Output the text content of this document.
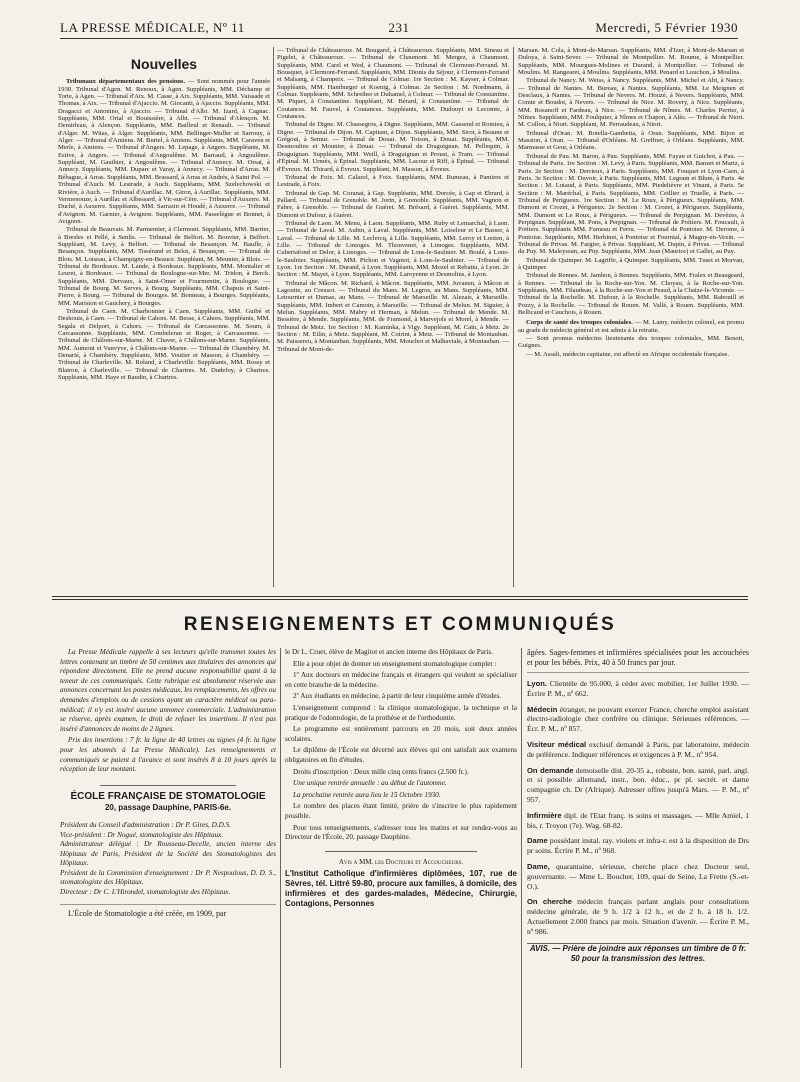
LA PRESSE MÉDICALE, Nº 11	231	Mercredi, 5 Février 1930
Nouvelles

Tribunaux départementaux des pensions. — Sont nommés pour l'année 1930. Tribunal d'Agen. M. Renoux, à Agen. Suppléants, MM. Déchamp et Torte, à Agen. — Tribunal d'Aix. M. Casse, à Aix. Suppléants, MM. Vaissade et Thomas, à Aix. — Tribunal d'Ajaccio. M. Giocanti, à Ajaccio. Suppléants, MM. Dragacci et Antonino, à Ajaccio. — Tribunal d'Albi. M. Izard, à Cagnac. Suppléants, MM. Ortal et Bouissière, à Albi. — Tribunal d'Alençon. M. Demirleau, à Alençon. Suppléants, MM. Bailleul et Renault. — Tribunal d'Alger. M. Witas, à Alger. Suppléants, MM. Bellinger-Muller et Sarrouy, à Alger. — Tribunal d'Amiens. M. Burtel, à Amiens. Suppléants, MM. Caraven et Merle, à Amiens. — Tribunal d'Angers. M. Lepage, à Angers. Suppléants, M. Estive, à Angers. — Tribunal d'Angoulême. M. Barraud, à Angoulême. Suppléant, M. Gauthier, à Angoulême. — Tribunal d'Annecy. M. Orsat, à Annecy. Suppléants, MM. Duparc et Varay, à Annecy. — Tribunal d'Arras. M. Béhague, à Arras. Suppléants, MM. Brassard, à Arras et Andrés, à Saint Pol. — Tribunal d'Auch. M. Lestrade, à Auch. Suppléants, MM. Szelechowski et Rivière, à Auch. — Tribunal d'Aurillac. M. Giron, à Aurillac. Suppléants, MM. Vermenouze, à Aurillac et Albessard, à Vic-sur-Cère. — Tribunal d'Auxerre. M. Duché, à Auxerre. Suppléants, MM. Sarrazin et Houdé, à Auxerre. — Tribunal d'Avignon. M. Garnier, à Avignon. Suppléants, MM. Passelègue et Bonnet, à Avignon.

Tribunal de Beauvais. M. Parmentier, à Clermont. Suppléants, MM. Barrier, à Bresles et Pellé, à Senlis. — Tribunal de Belfort. M. Bouvier, à Belfort. Suppléant, M. Levy, à Belfort. — Tribunal de Besançon. M. Baufle, à Besançon. Suppléants, MM. Tissérand et Belot, à Besançon. — Tribunal de Blois. M. Loiseau, à Champigny-en-Beauce. Suppléant, M. Meunier, à Blois. — Tribunal de Bordeaux. M. Lande, à Bordeaux. Suppléants, MM. Montalier et Leuret, à Bordeaux. — Tribunal de Boulogne-sur-Mer. M. Tridon, à Berck. Suppléants, MM. Dervaux, à Saint-Omer et Fourmentin, à Boulogne. — Tribunal de Bourg. M. Serves, à Bourg. Suppléants, MM. Chapuis et Saint-Pierre, à Bourg. — Tribunal de Bourges. M. Bonneau, à Bourges. Suppléants, MM. Mariston et Gauchery, à Bourges.

Tribunal de Caen. M. Charbonnier à Caen. Suppléants, MM. Guibé et Deshouis, à Caen. — Tribunal de Cahors. M. Besse, à Cahors. Suppléants, MM. Segala et Delport, à Cahors. — Tribunal de Carcassonne. M. Soum, à Carcassonne. Suppléants, MM. Combeleran et Roger, à Carcassonne. — Tribunal de Châlons-sur-Marne. M. Chaver, à Châlons-sur-Marne. Suppléants, MM. Aumont et Vanvyve, à Châlons-sur-Marne. — Tribunal de Chambéry. M. Denarié, à Chambéry. Suppléants, MM. Voutier et Masson, à Chambéry. — Tribunal de Charleville. M. Roland, à Charleville. Suppléants, MM. Rossy et Blairon, à Charleville. — Tribunal de Chartres. M. Dudefoy, à Chartres. Suppléants, MM. Haye et Baudin, à Chartres.

— Tribunal de Châteauroux. M. Bougarel, à Châteauroux. Suppléants, MM. Sineau et Pigelet, à Châteauroux. — Tribunal de Chaumont. M. Mergez, à Chaumont. Suppléants, MM. Carel et Wed, à Chaumont. — Tribunal de Clermont-Ferrand. M. Bousquet, à Clermont-Ferrand. Suppléants, MM. Dionis du Séjour, à Clermont-Ferrand et Malsang, à Champeix. — Tribunal de Colmar. 1re Section : M. Kayser, à Colmar. Suppléants, MM. Hamburger et Koenig, à Colmar. 2e Section : M. Nordmann, à Colmar. Suppléants, MM. Schreiber et Duhamel, à Colmar. — Tribunal de Constantine. M. Piquet, à Constantine. Suppléant, M. Bérard, à Constantine. — Tribunal de Coutances. M. Fauvel, à Coutances. Suppléants, MM. Dudouyt et Lecomte, à Coutances.

Tribunal de Digne. M. Chassegros, à Digne. Suppléants, MM. Gassend et Romieu, à Digne. — Tribunal de Dijon. M. Capitam, à Dijon. Suppléants, MM. Sirot, à Beaune et Grégoui, à Semur. — Tribunal de Douai. M. Toison, à Douai. Suppléants, MM. Desmoulins et Mounier, à Douai. — Tribunal de Draguignan. M. Pellequin, à Draguignan. Suppléants, MM. Weill, à Draguignan et Proust, à Tram. — Tribunal d'Épinal. M. Urmès, à Épinal. Suppléants, MM. Lacour et Riff, à Épinal. — Tribunal d'Évreux. M. Thirard, à Évreux. Suppléant, M. Masson, à Évreux.

Tribunal de Foix. M. Calazel, à Foix. Suppléants, MM. Rumeau, à Pamiers et Lestrade, à Foix.

Tribunal de Gap. M. Coranat, à Gap. Suppléants, MM. Dorcée, à Gap et Ebrard, à Pallard. — Tribunal de Grenoble. M. Jorin, à Grenoble. Suppléants, MM. Vagnon et Fabre, à Grenoble. — Tribunal de Guéret. M. Brésard, à Guéret. Suppléants, MM. Dumont et Dufour, à Guéret.

Tribunal de Laon. M. Menu, à Laon. Suppléants, MM. Ruby et Lemarchal, à Laon. — Tribunal de Laval. M. Aubin, à Laval. Suppléants, MM. Loiseleur et Le Basser, à Laval. — Tribunal de Lille. M. Leclercq, à Lille. Suppléants, MM. Leroy et Looten, à Lille. — Tribunal de Limoges. M. Thouvenet, à Limoges. Suppléants, MM. Cubertafond et Delor, à Limoges. — Tribunal de Lons-le-Saulnier. M. Boulé, à Lons-le-Saulnier. Suppléants, MM. Pichon et Vagniot, à Lons-le-Saulnier. — Tribunal de Lyon. 1re Section : M. Durand, à Lyon. Suppléants, MM. Mozel et Rebattu, à Lyon. 2e Section : M. Mayet, à Lyon. Suppléants, MM. Laroyenne et Desmolins, à Lyon.

Tribunal de Mâcon. M. Richard, à Mâcon. Suppléants, MM. Juvanen, à Mâcon et Lagoutte, au Creusot. — Tribunal du Mans. M. Legros, au Mans. Suppléants, MM. Letournier et Dumas, au Mans. — Tribunal de Marseille. M. Alezais, à Marseille. Suppléants, MM. Imbert et Camoin, à Marseille. — Tribunal de Melun. M. Siguier, à Melun. Suppléants, MM. Mabry et Herman, à Melun. — Tribunal de Mende. M. Bessière, à Mende. Suppléants, MM. de Framond, à Marvejols et Morel, à Mende. — Tribunal de Metz. 1re Section : M. Kaminka, à Vigy. Suppléant, M. Caïn, à Metz. 2e Section : M. Eilin, à Metz. Suppléant, M. Coirint, à Metz. — Tribunal de Montauban. M. Paissereu, à Montauban. Suppléants, MM. Mouchot et Malhaviale, à Montauban. — Tribunal de Mont-de-

Marsan. M. Cola, à Mont-de-Marsan. Suppléants, MM. d'Izer, à Mont-de-Marsan et Duloya, à Saint-Sever. — Tribunal de Montpellier. M. Roume, à Montpellier. Suppléants, MM. Mourgues-Molines et Durand, à Montpellier. — Tribunal de Moulins. M. Rangearet, à Moulins. Suppléants, MM. Penard et Louchon, à Moulins.

Tribunal de Nancy. M. Weiss, à Nancy. Suppléants, MM. Michel et Abt, à Nancy. — Tribunal de Nantes. M. Bureau, à Nantes. Suppléants, MM. Le Meignen et Desclaux, à Nantes. — Tribunal de Nevers. M. Houzé, à Nevers. Suppléants, MM. Comte et Boudot, à Nevers. — Tribunal de Nice. M. Rovery, à Nice. Suppléants, MM. Rosanoff et Fardeau, à Nice. — Tribunal de Nîmes. M. Charles Perrier, à Nîmes. Suppléants, MM. Foulquier, à Nîmes et Chapon, à Alès. — Tribunal de Niort. M. Collon, à Niort. Suppléant, M. Perraudeau, à Niort.

Tribunal d'Oran. M. Botella-Gambetta, à Oran. Suppléants, MM. Bijon et Massion, à Oran. — Tribunal d'Orléans. M. Greffner, à Orléans. Suppléants, MM. Marmasse et Geur, à Orléans.

Tribunal de Pau. M. Baron, à Pau. Suppléants, MM. Fayan et Guichot, à Pau. — Tribunal de Paris. 1re Section : M. Levy, à Paris. Suppléants, MM. Banzet et Martz, à Paris. 2e Section : M. Derrieux, à Paris. Suppléants, MM. Fouquet et Lyon-Caen, à Paris. 3e Section : M. Duvoir, à Paris. Suppléants, MM. Legram et Blum, à Paris. 4e Section : M. Lutaud, à Paris. Suppléants, MM. Piedelièvre et Vinant, à Paris. 5e Section : M. Maréchal, à Paris. Suppléants, MM. Ceillier et Truelle, à Paris. — Tribunal de Périgueux. 1re Section : M. Le Roux, à Périgueux. Suppléants, MM. Dumont et Crozet, à Périgueux. 2e Section : M. Crozet, à Périgueux. Suppléants, MM. Dumont et Le Roux, à Périgueux. — Tribunal de Perpignan. M. Devèzes, à Perpignan. Suppléant, M. Pons, à Perpignan. — Tribunal de Poitiers. M. Foucault, à Poitiers. Suppléants MM. Fumeau et Ferru. — Tribunal de Pontoise. M. Derome, à Pontoise. Suppléants, MM. Herbinet, à Pontoise et Fournial, à Magny-en-Vexin. — Tribunal de Privas. M. Fargier, à Privas. Suppléant, M. Dupin, à Privas. — Tribunal du Puy. M. Maleyssun, au Puy. Suppléants, MM. Jean (Maurice) et Gallet, au Puy.

Tribunal de Quimper. M. Lagriffe, à Quimper. Suppléants, MM. Tuset et Morvan, à Quimper.

Tribunal de Rennes. M. Jambon, à Rennes. Suppléants, MM. Fralex et Beaugeard, à Rennes. — Tribunal de la Roche-sur-Yon. M. Choyau, à la Roche-sur-Yon. Suppléants, MM. Filaudeau, à la Roche-sur-Yon et Peaud, à la Chaize-le-Vicomte. — Tribunal de la Rochelle. M. Dufour, à la Rochelle. Suppléants, MM. Rabouill et Pozzy, à la Rochelle. — Tribunal de Rouen. M. Vallé, à Rouen. Suppléants, MM. Bellicaud et Cauchois, à Rouen.

Corps de santé des troupes coloniales. — M. Lamy, médecin colonel, est promu au grade de médecin général et est admis à la retraite.

— Sont promus médecins lieutenants des troupes coloniales, MM. Benoit, Guignes.

— M. Assali, médecin capitaine, est affecté en Afrique occidentale française.

RENSEIGNEMENTS ET COMMUNIQUÉS

La Presse Médicale rappelle à ses lecteurs qu'elle transmet toutes les lettres contenant un timbre de 50 centimes aux titulaires des annonces qui répondent directement. Elle ne prend aucune responsabilité quant à la teneur de ces communiqués. Cette rubrique est absolument réservée aux annonces concernant les postes médicaux, les remplacements, les offres ou demandes d'emplois ou de cessions ayant un caractère médical ou para-médical; il n'y est inséré aucune annonce commerciale. L'administration se réserve, après examen, le droit de refuser les insertions. Il n'est pas inséré d'annonces de moins de 2 lignes.

Prix des insertions : 7 fr. la ligne de 40 lettres ou signes (4 fr. la ligne pour les abonnés à La Presse Médicale). Les renseignements et communiqués se paient à l'avance et sont insérés 8 à 10 jours après la réception de leur montant.

ÉCOLE FRANÇAISE DE STOMATOLOGIE
20, passage Dauphine, PARIS-6e.

Président du Conseil d'administration : Dr P. Gires, D.D.S.

Vice-président : Dr Nogué, stomatologiste des Hôpitaux.

Administrateur délégué : Dr Rousseau-Decelle, ancien interne des Hôpitaux de Paris, Président de la Société des Stomatologistes des Hôpitaux.

Président de la Commission d'enseignement : Dr P. Nespoulous, D. D. S., stomatologiste des Hôpitaux.

Directeur : Dr C. L'Hirondel, stomatologiste des Hôpitaux.

L'École de Stomatologie a été créée, en 1909, par

le Dr L. Cruet, élève de Magitot et ancien interne des Hôpitaux de Paris.

Elle a pour objet de donner un enseignement stomatologique complet :

1º Aux docteurs en médecine français et étrangers qui veulent se spécialiser en cette branche de la médecine.

2º Aux étudiants en médecine, à partir de leur cinquième année d'études.

L'enseignement comprend : la clinique stomatologique, la technique et la pratique de l'odontologie, de la prothèse et de l'orthodontie.

Le programme est entièrement parcouru en 20 mois, soit deux années scolaires.

Le diplôme de l'École est décerné aux élèves qui ont satisfait aux examens obligatoires en fin d'études.

Droits d'inscription : Deux mille cinq cents francs (2.500 fr.).

Une unique rentrée annuelle : au début de l'automne.

La prochaine rentrée aura lieu le 15 Octobre 1930.

Le nombre des places étant limité, prière de s'inscrire le plus rapidement possible.

Pour tous renseignements, s'adresser tous les matins et sur rendez-vous au Directeur de l'École, 20, passage Dauphine.

Avis à MM. les Docteurs et Accoucheurs.

L'Institut Catholique d'infirmières diplômées, 107, rue de Sèvres, tél. Littré 59-80, procure aux familles, à domicile, des infirmières et des gardes-malades, Médecine, Chirurgie, Contagions, Personnes

âgées. Sages-femmes et infirmières spécialisées pour les accouchées et pour les bébés. Prix, 40 à 50 francs par jour.

Lyon. Clientèle de 95.000, à céder avec mobilier, 1er Juillet 1930. — Écrire P. M., nº 662.

Médecin étranger, ne pouvant exercer France, cherche emploi assistant électro-radiologie chez confrère ou clinique. Sérieuses références. — Écr. P. M., nº 857.

Visiteur médical exclusif demandé à Paris, par laboratoire, médecin de préférence. Indiquer références et exigences à P. M., nº 954.

On demande demoiselle dist. 20-35 a., robuste, bon. santé, parl. angl. et si possible allemand, instr., bon. éduc., pr pl. secrét. et dame compagnie ch. Dr (Afrique). Adresser offres jusqu'à Mars. — P. M., nº 957.

Infirmière dipl. de l'Etat franç. ts soins et massages. — Mlle Amiel, 1 bis, r. Troyon (7e). Wag. 68-82.

Dame possédant instal. ray. violets et infra-r. est à la disposition de Drs pr soins. Écrire P. M., nº 968.

Dame, quarantaine, sérieuse, cherche place chez Docteur seul, gouvernante. — Mme L. Boucher, 109, quai de Seine, La Frette (S.-et-O.).

On cherche médecin français parlant anglais pour consultations médecine générale, de 9 h. 1/2 à 12 h., et de 2 h. à 18 h. 1/2. Actuellement 2.000 francs par mois. Situation d'avenir. — Écrire P. M., nº 986.

AVIS. — Prière de joindre aux réponses un timbre de 0 fr. 50 pour la transmission des lettres.
